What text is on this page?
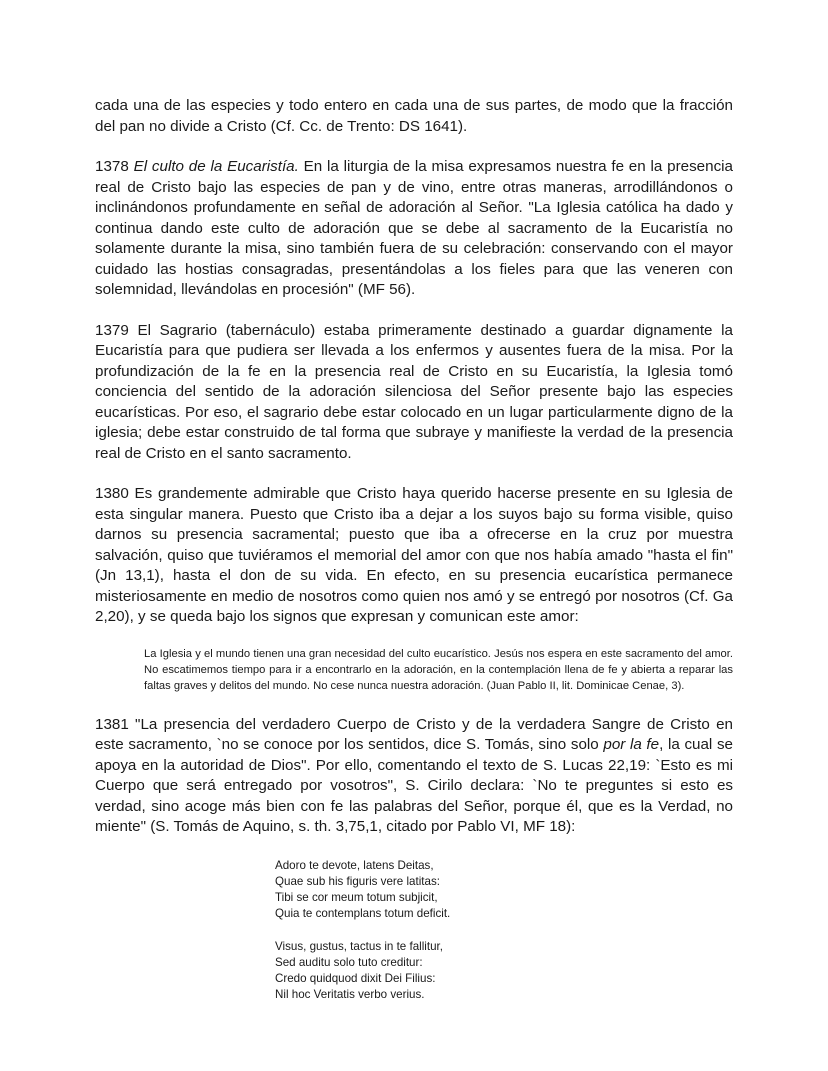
cada una de las especies y todo entero en cada una de sus partes, de modo que la fracción del pan no divide a Cristo (Cf. Cc. de Trento: DS 1641).

1378 El culto de la Eucaristía. En la liturgia de la misa expresamos nuestra fe en la presencia real de Cristo bajo las especies de pan y de vino, entre otras maneras, arrodillándonos o inclinándonos profundamente en señal de adoración al Señor. "La Iglesia católica ha dado y continua dando este culto de adoración que se debe al sacramento de la Eucaristía no solamente durante la misa, sino también fuera de su celebración: conservando con el mayor cuidado las hostias consagradas, presentándolas a los fieles para que las veneren con solemnidad, llevándolas en procesión" (MF 56).

1379 El Sagrario (tabernáculo) estaba primeramente destinado a guardar dignamente la Eucaristía para que pudiera ser llevada a los enfermos y ausentes fuera de la misa. Por la profundización de la fe en la presencia real de Cristo en su Eucaristía, la Iglesia tomó conciencia del sentido de la adoración silenciosa del Señor presente bajo las especies eucarísticas. Por eso, el sagrario debe estar colocado en un lugar particularmente digno de la iglesia; debe estar construido de tal forma que subraye y manifieste la verdad de la presencia real de Cristo en el santo sacramento.

1380 Es grandemente admirable que Cristo haya querido hacerse presente en su Iglesia de esta singular manera. Puesto que Cristo iba a dejar a los suyos bajo su forma visible, quiso darnos su presencia sacramental; puesto que iba a ofrecerse en la cruz por muestra salvación, quiso que tuviéramos el memorial del amor con que nos había amado "hasta el fin" (Jn 13,1), hasta el don de su vida. En efecto, en su presencia eucarística permanece misteriosamente en medio de nosotros como quien nos amó y se entregó por nosotros (Cf. Ga 2,20), y se queda bajo los signos que expresan y comunican este amor:

La Iglesia y el mundo tienen una gran necesidad del culto eucarístico. Jesús nos espera en este sacramento del amor. No escatimemos tiempo para ir a encontrarlo en la adoración, en la contemplación llena de fe y abierta a reparar las faltas graves y delitos del mundo. No cese nunca nuestra adoración. (Juan Pablo II, lit. Dominicae Cenae, 3).

1381 "La presencia del verdadero Cuerpo de Cristo y de la verdadera Sangre de Cristo en este sacramento, `no se conoce por los sentidos, dice S. Tomás, sino solo por la fe, la cual se apoya en la autoridad de Dios". Por ello, comentando el texto de S. Lucas 22,19: `Esto es mi Cuerpo que será entregado por vosotros", S. Cirilo declara: `No te preguntes si esto es verdad, sino acoge más bien con fe las palabras del Señor, porque él, que es la Verdad, no miente" (S. Tomás de Aquino, s. th. 3,75,1, citado por Pablo VI, MF 18):

Adoro te devote, latens Deitas,
Quae sub his figuris vere latitas:
Tibi se cor meum totum subjicit,
Quia te contemplans totum deficit.
Visus, gustus, tactus in te fallitur,
Sed auditu solo tuto creditur:
Credo quidquod dixit Dei Filius:
Nil hoc Veritatis verbo verius.
